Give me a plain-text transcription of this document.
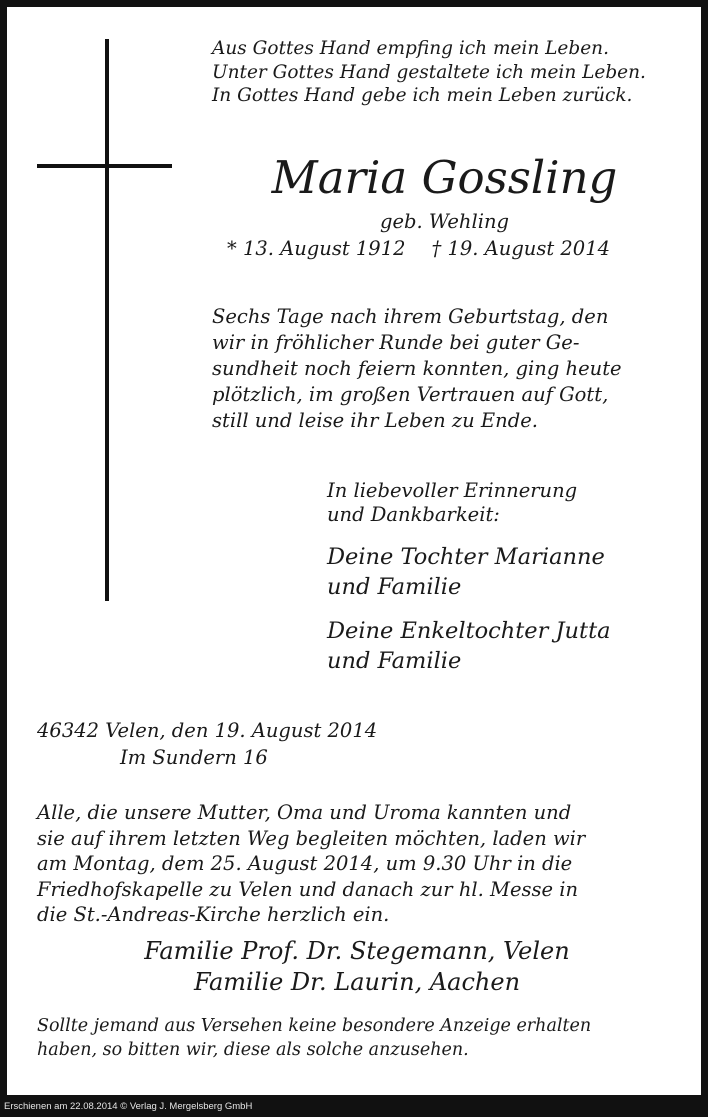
Aus Gottes Hand empfing ich mein Leben.
Unter Gottes Hand gestaltete ich mein Leben.
In Gottes Hand gebe ich mein Leben zurück.
Maria Gossling
geb. Wehling
* 13. August 1912 † 19. August 2014
Sechs Tage nach ihrem Geburtstag, den
wir in fröhlicher Runde bei guter Ge-
sundheit noch feiern konnten, ging heute
plötzlich, im großen Vertrauen auf Gott,
still und leise ihr Leben zu Ende.
In liebevoller Erinnerung
und Dankbarkeit:
Deine Tochter Marianne
und Familie
Deine Enkeltochter Jutta
und Familie
46342 Velen, den 19. August 2014
Im Sundern 16
Alle, die unsere Mutter, Oma und Uroma kannten und
sie auf ihrem letzten Weg begleiten möchten, laden wir
am Montag, dem 25. August 2014, um 9.30 Uhr in die
Friedhofskapelle zu Velen und danach zur hl. Messe in
die St.-Andreas-Kirche herzlich ein.
Familie Prof. Dr. Stegemann, Velen
Familie Dr. Laurin, Aachen
Sollte jemand aus Versehen keine besondere Anzeige erhalten
haben, so bitten wir, diese als solche anzusehen.
Erschienen am 22.08.2014 © Verlag J. Mergelsberg GmbH
